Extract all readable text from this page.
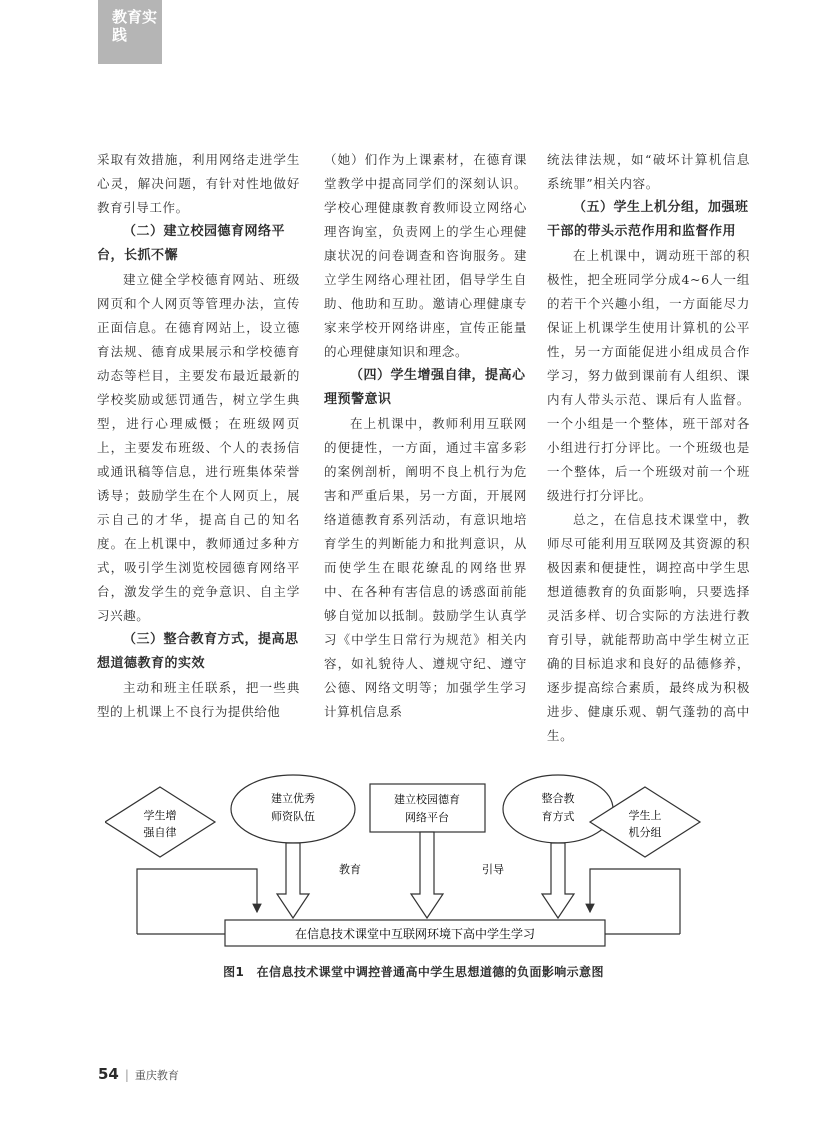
教育实践

采取有效措施，利用网络走进学生心灵，解决问题，有针对性地做好教育引导工作。

（二）建立校园德育网络平台，长抓不懈

建立健全学校德育网站、班级网页和个人网页等管理办法，宣传正面信息。在德育网站上，设立德育法规、德育成果展示和学校德育动态等栏目，主要发布最近最新的学校奖励或惩罚通告，树立学生典型，进行心理威慑；在班级网页上，主要发布班级、个人的表扬信或通讯稿等信息，进行班集体荣誉诱导；鼓励学生在个人网页上，展示自己的才华，提高自己的知名度。在上机课中，教师通过多种方式，吸引学生浏览校园德育网络平台，激发学生的竞争意识、自主学习兴趣。

（三）整合教育方式，提高思想道德教育的实效

主动和班主任联系，把一些典型的上机课上不良行为提供给他

（她）们作为上课素材，在德育课堂教学中提高同学们的深刻认识。学校心理健康教育教师设立网络心理咨询室，负责网上的学生心理健康状况的问卷调查和咨询服务。建立学生网络心理社团，倡导学生自助、他助和互助。邀请心理健康专家来学校开网络讲座，宣传正能量的心理健康知识和理念。

（四）学生增强自律，提高心理预警意识

在上机课中，教师利用互联网的便捷性，一方面，通过丰富多彩的案例剖析，阐明不良上机行为危害和严重后果，另一方面，开展网络道德教育系列活动，有意识地培育学生的判断能力和批判意识，从而使学生在眼花缭乱的网络世界中、在各种有害信息的诱惑面前能够自觉加以抵制。鼓励学生认真学习《中学生日常行为规范》相关内容，如礼貌待人、遵规守纪、遵守公德、网络文明等；加强学生学习计算机信息系

统法律法规，如“破坏计算机信息系统罪”相关内容。

（五）学生上机分组，加强班干部的带头示范作用和监督作用

在上机课中，调动班干部的积极性，把全班同学分成4~6人一组的若干个兴趣小组，一方面能尽力保证上机课学生使用计算机的公平性，另一方面能促进小组成员合作学习，努力做到课前有人组织、课内有人带头示范、课后有人监督。一个小组是一个整体，班干部对各小组进行打分评比。一个班级也是一个整体，后一个班级对前一个班级进行打分评比。

总之，在信息技术课堂中，教师尽可能利用互联网及其资源的积极因素和便捷性，调控高中学生思想道德教育的负面影响，只要选择灵活多样、切合实际的方法进行教育引导，就能帮助高中学生树立正确的目标追求和良好的品德修养，逐步提高综合素质，最终成为积极进步、健康乐观、朝气蓬勃的高中生。

学生增
强自律
建立优秀
师资队伍
建立校园德育
网络平台
整合教
育方式	学生上
机分组
教育	引导
在信息技术课堂中互联网环境下高中学生学习
图1　在信息技术课堂中调控普通高中学生思想道德的负面影响示意图
54 | 重庆教育
